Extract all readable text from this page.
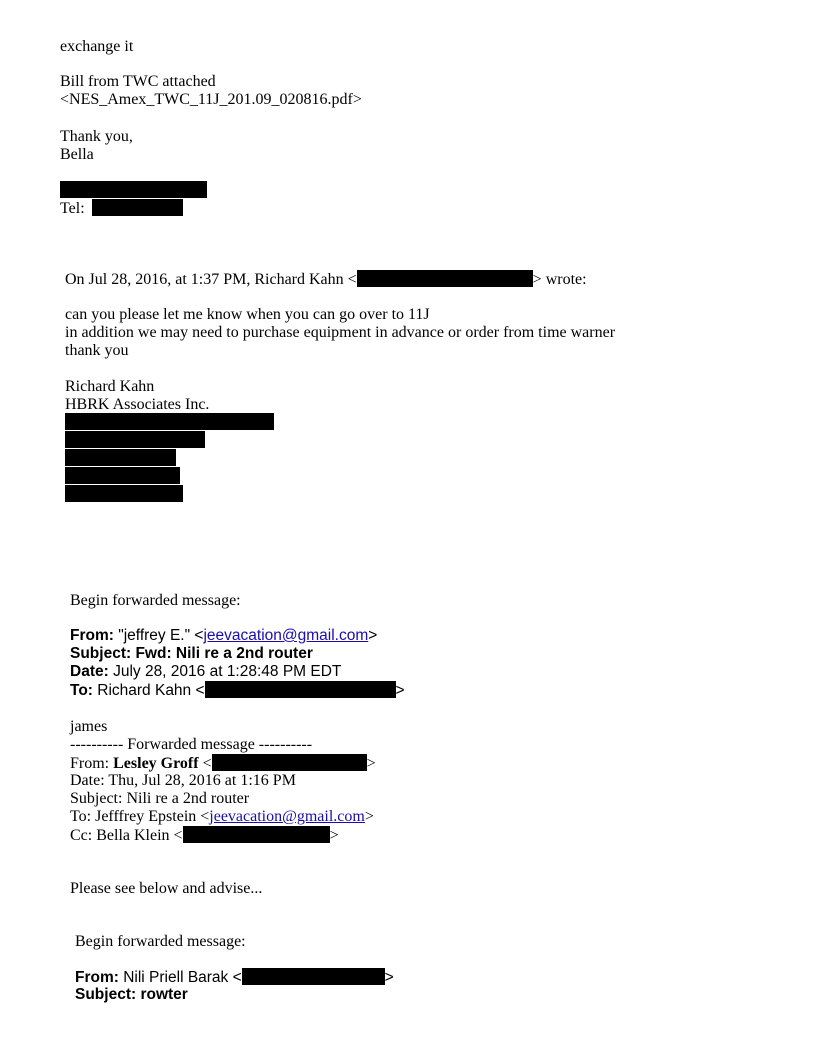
exchange it
Bill from TWC attached
<NES_Amex_TWC_11J_201.09_020816.pdf>
Thank you,
Bella
Tel:
On Jul 28, 2016, at 1:37 PM, Richard Kahn <	> wrote:
can you please let me know when you can go over to 11J
in addition we may need to purchase equipment in advance or order from time warner
thank you
Richard Kahn
HBRK Associates Inc.
Begin forwarded message:
From: "jeffrey E." <jeevacation@gmail.com>
Subject: Fwd: Nili re a 2nd router
Date: July 28, 2016 at 1:28:48 PM EDT
To: Richard Kahn <	>
james
---------- Forwarded message ----------
From: Lesley Groff <	>
Date: Thu, Jul 28, 2016 at 1:16 PM
Subject: Nili re a 2nd router
To: Jefffrey Epstein <jeevacation@gmail.com>
Cc: Bella Klein <	>
Please see below and advise...
Begin forwarded message:
From: Nili Priell Barak <	>
Subject: rowter
